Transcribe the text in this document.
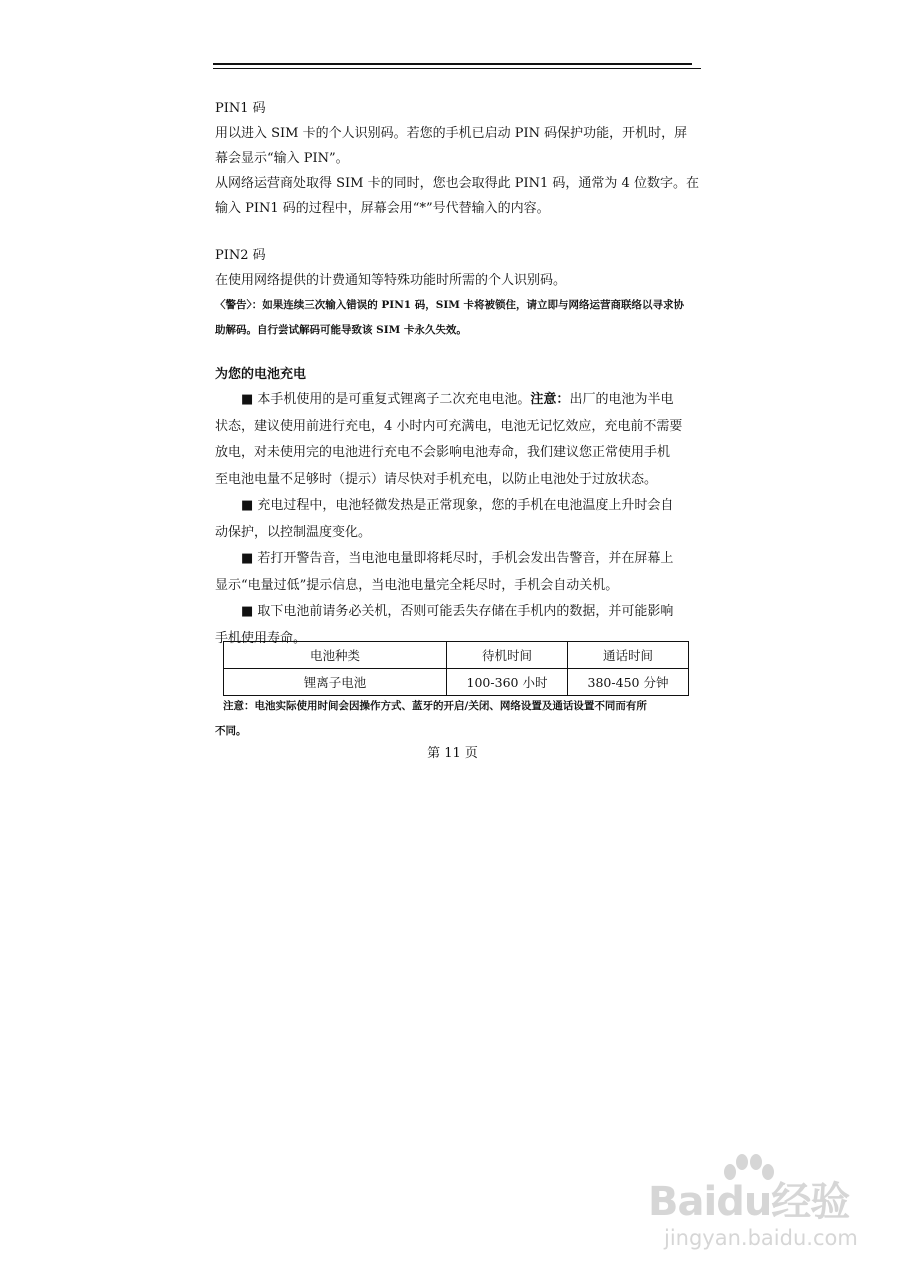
PIN1 码

用以进入 SIM 卡的个人识别码。若您的手机已启动 PIN 码保护功能，开机时，屏

幕会显示“输入 PIN”。

从网络运营商处取得 SIM 卡的同时，您也会取得此 PIN1 码，通常为 4 位数字。在

输入 PIN1 码的过程中，屏幕会用“*”号代替输入的内容。

PIN2 码

在使用网络提供的计费通知等特殊功能时所需的个人识别码。

〈警告〉：如果连续三次输入错误的 PIN1 码，SIM 卡将被锁住，请立即与网络运营商联络以寻求协

助解码。自行尝试解码可能导致该 SIM 卡永久失效。

为您的电池充电

■ 本手机使用的是可重复式锂离子二次充电电池。注意：出厂的电池为半电

状态，建议使用前进行充电，4 小时内可充满电，电池无记忆效应，充电前不需要

放电，对未使用完的电池进行充电不会影响电池寿命，我们建议您正常使用手机

至电池电量不足够时（提示）请尽快对手机充电，以防止电池处于过放状态。

■ 充电过程中，电池轻微发热是正常现象，您的手机在电池温度上升时会自

动保护，以控制温度变化。

■ 若打开警告音，当电池电量即将耗尽时，手机会发出告警音，并在屏幕上

显示“电量过低”提示信息，当电池电量完全耗尽时，手机会自动关机。

■ 取下电池前请务必关机，否则可能丢失存储在手机内的数据，并可能影响

手机使用寿命。

电池种类	待机时间	通话时间
锂离子电池	100-360 小时	380-450 分钟
注意：电池实际使用时间会因操作方式、蓝牙的开启/关闭、网络设置及通话设置不同而有所
不同。
第 11 页
Baidu经验
jingyan.baidu.com
